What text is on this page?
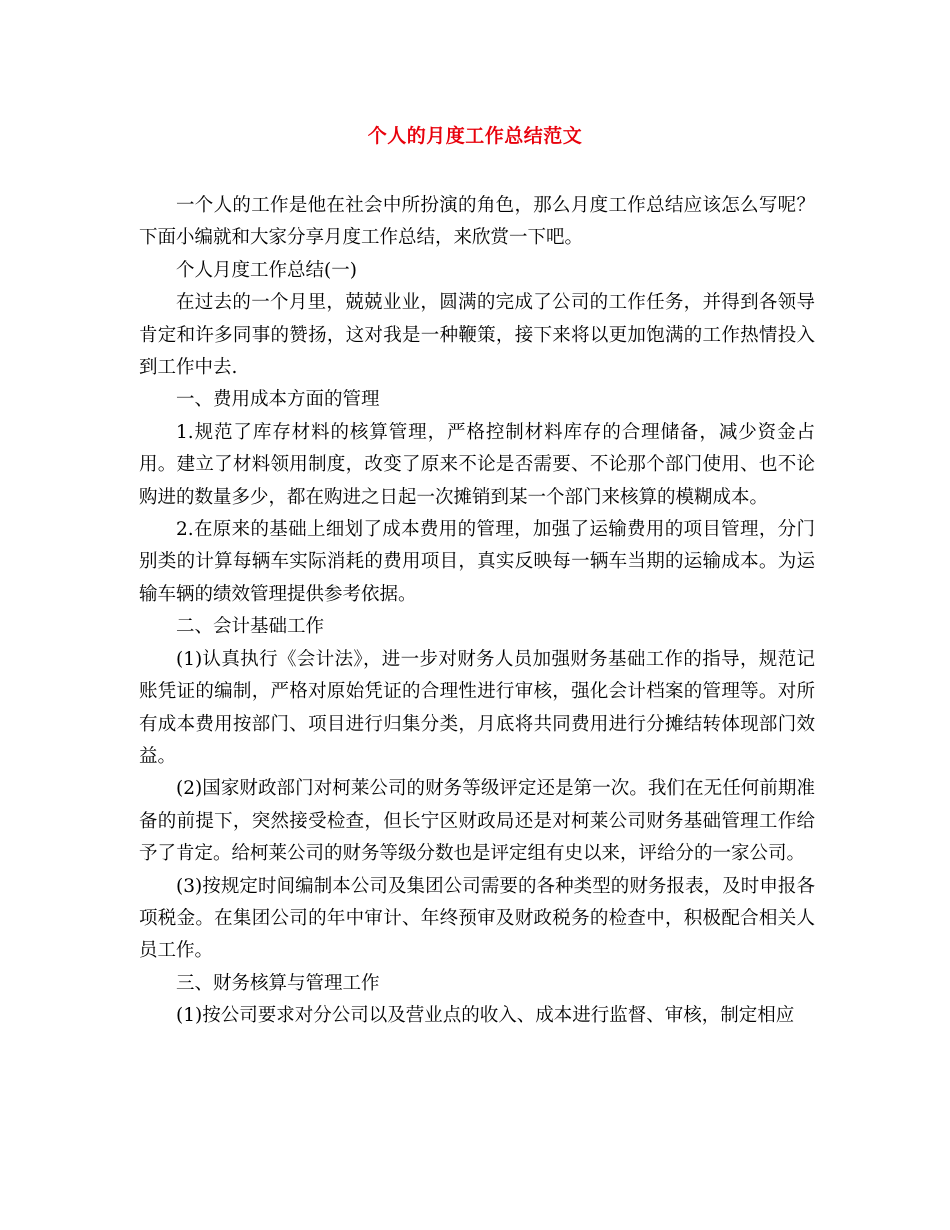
个人的月度工作总结范文

一个人的工作是他在社会中所扮演的角色，那么月度工作总结应该怎么写呢？下面小编就和大家分享月度工作总结，来欣赏一下吧。

个人月度工作总结(一)

在过去的一个月里，兢兢业业，圆满的完成了公司的工作任务，并得到各领导肯定和许多同事的赞扬，这对我是一种鞭策，接下来将以更加饱满的工作热情投入到工作中去.

一、费用成本方面的管理

1.规范了库存材料的核算管理，严格控制材料库存的合理储备，减少资金占用。建立了材料领用制度，改变了原来不论是否需要、不论那个部门使用、也不论购进的数量多少，都在购进之日起一次摊销到某一个部门来核算的模糊成本。

2.在原来的基础上细划了成本费用的管理，加强了运输费用的项目管理，分门别类的计算每辆车实际消耗的费用项目，真实反映每一辆车当期的运输成本。为运输车辆的绩效管理提供参考依据。

二、会计基础工作

(1)认真执行《会计法》，进一步对财务人员加强财务基础工作的指导，规范记账凭证的编制，严格对原始凭证的合理性进行审核，强化会计档案的管理等。对所有成本费用按部门、项目进行归集分类，月底将共同费用进行分摊结转体现部门效益。

(2)国家财政部门对柯莱公司的财务等级评定还是第一次。我们在无任何前期准备的前提下，突然接受检查，但长宁区财政局还是对柯莱公司财务基础管理工作给予了肯定。给柯莱公司的财务等级分数也是评定组有史以来，评给分的一家公司。

(3)按规定时间编制本公司及集团公司需要的各种类型的财务报表，及时申报各项税金。在集团公司的年中审计、年终预审及财政税务的检查中，积极配合相关人员工作。

三、财务核算与管理工作

(1)按公司要求对分公司以及营业点的收入、成本进行监督、审核，制定相应
